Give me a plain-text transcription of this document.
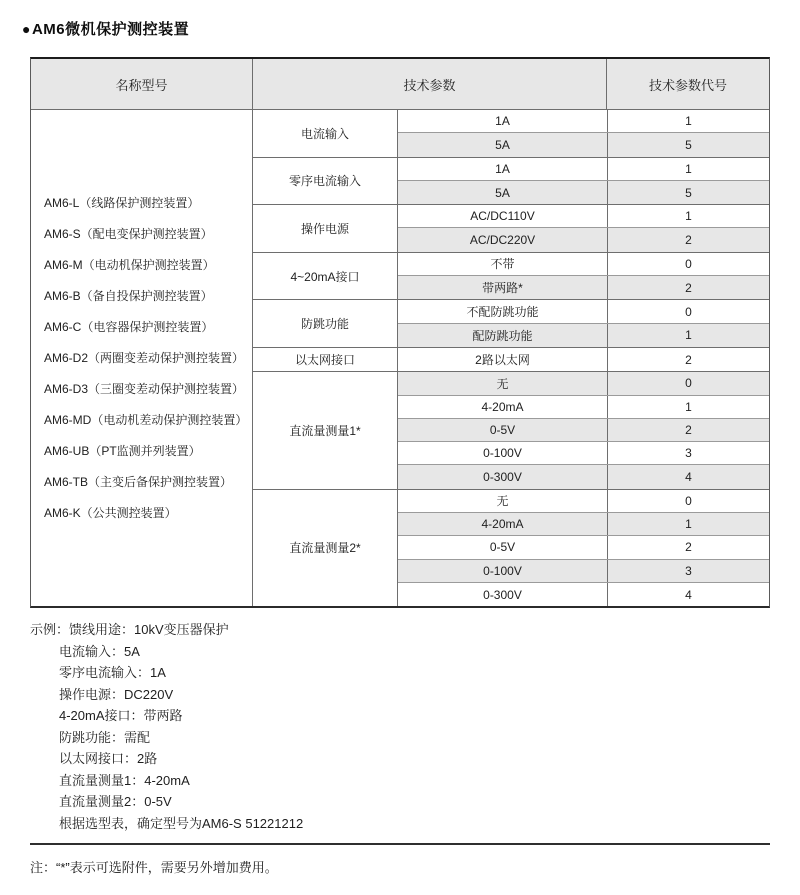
●AM6微机保护测控装置
名称型号	技术参数	技术参数代号
AM6-L（线路保护测控装置）
AM6-S（配电变保护测控装置）
AM6-M（电动机保护测控装置）
AM6-B（备自投保护测控装置）
AM6-C（电容器保护测控装置）
AM6-D2（两圈变差动保护测控装置）
AM6-D3（三圈变差动保护测控装置）
AM6-MD（电动机差动保护测控装置）
AM6-UB（PT监测并列装置）
AM6-TB（主变后备保护测控装置）
AM6-K（公共测控装置）
电流输入
1A	1
5A	5
零序电流输入
1A	1
5A	5
操作电源
AC/DC110V	1
AC/DC220V	2
4~20mA接口
不带	0
带两路*	2
防跳功能
不配防跳功能	0
配防跳功能	1
以太网接口	2路以太网	2
直流量测量1*
无	0
4-20mA	1
0-5V	2
0-100V	3
0-300V	4
直流量测量2*
无	0
4-20mA	1
0-5V	2
0-100V	3
0-300V	4
示例：馈线用途：10kV变压器保护
电流输入：5A
零序电流输入：1A
操作电源：DC220V
4-20mA接口：带两路
防跳功能：需配
以太网接口：2路
直流量测量1：4-20mA
直流量测量2：0-5V
根据选型表，确定型号为AM6-S 51221212
注：“*”表示可选附件，需要另外增加费用。
